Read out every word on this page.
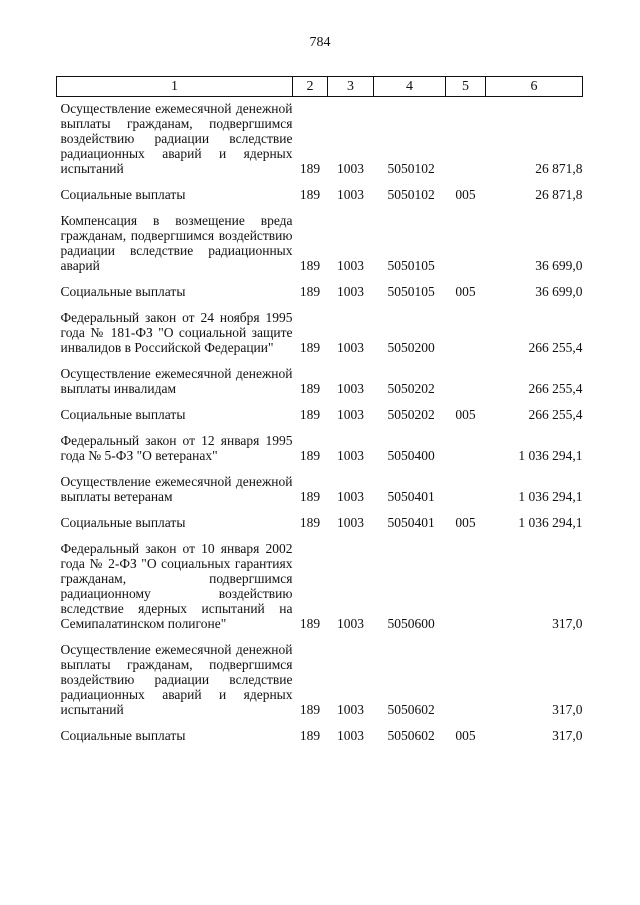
784
1	2	3	4	5	6
Осуществление ежемесячной денежной выплаты гражданам, подвергшимся воздействию радиации вследствие радиационных аварий и ядерных испытаний	189	1003	5050102		26 871,8
Социальные выплаты	189	1003	5050102	005	26 871,8
Компенсация в возмещение вреда гражданам, подвергшимся воздействию радиации вследствие радиационных аварий	189	1003	5050105		36 699,0
Социальные выплаты	189	1003	5050105	005	36 699,0
Федеральный закон от 24 ноября 1995 года № 181-ФЗ "О социальной защите инвалидов в Российской Федерации"	189	1003	5050200		266 255,4
Осуществление ежемесячной денежной выплаты инвалидам	189	1003	5050202		266 255,4
Социальные выплаты	189	1003	5050202	005	266 255,4
Федеральный закон от 12 января 1995 года № 5-ФЗ "О ветеранах"	189	1003	5050400		1 036 294,1
Осуществление ежемесячной денежной выплаты ветеранам	189	1003	5050401		1 036 294,1
Социальные выплаты	189	1003	5050401	005	1 036 294,1
Федеральный закон от 10 января 2002 года № 2-ФЗ "О социальных гарантиях гражданам, подвергшимся радиационному воздействию вследствие ядерных испытаний на Семипалатинском полигоне"	189	1003	5050600		317,0
Осуществление ежемесячной денежной выплаты гражданам, подвергшимся воздействию радиации вследствие радиационных аварий и ядерных испытаний	189	1003	5050602		317,0
Социальные выплаты	189	1003	5050602	005	317,0
